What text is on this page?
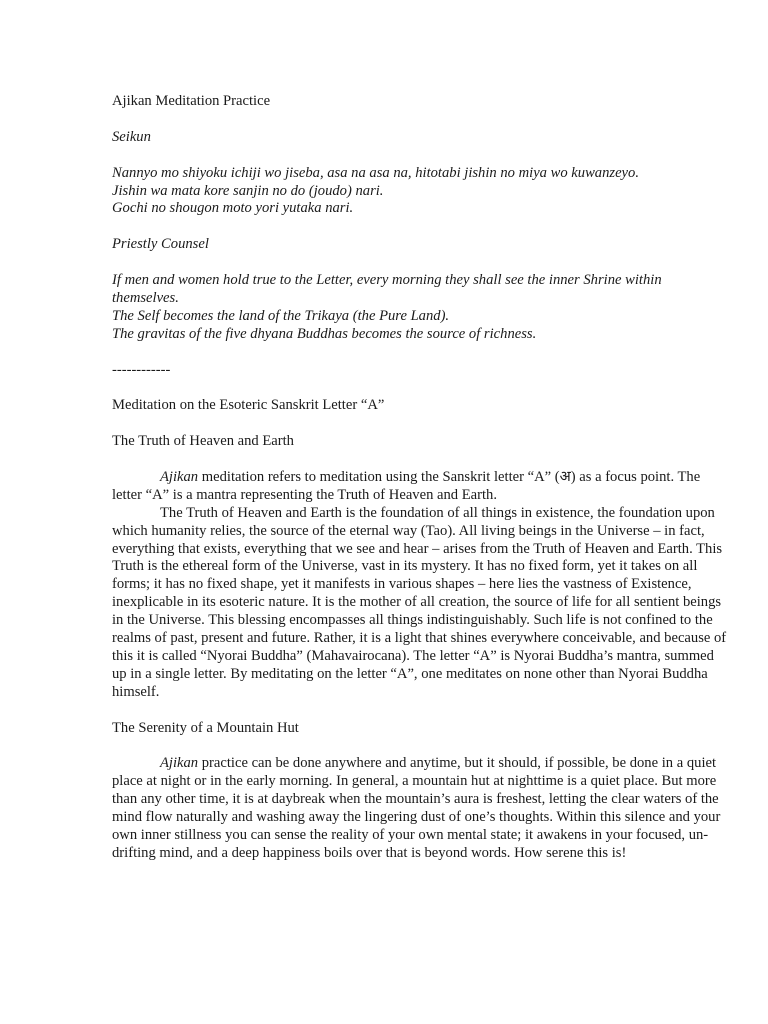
Ajikan Meditation Practice

Seikun

Nannyo mo shiyoku ichiji wo jiseba, asa na asa na, hitotabi jishin no miya wo kuwanzeyo.
Jishin wa mata kore sanjin no do (joudo) nari.
Gochi no shougon moto yori yutaka nari.

Priestly Counsel

If men and women hold true to the Letter, every morning they shall see the inner Shrine within themselves.
The Self becomes the land of the Trikaya (the Pure Land).
The gravitas of the five dhyana Buddhas becomes the source of richness.

------------

Meditation on the Esoteric Sanskrit Letter “A”

The Truth of Heaven and Earth

Ajikan meditation refers to meditation using the Sanskrit letter “A” (अ) as a focus point. The letter “A” is a mantra representing the Truth of Heaven and Earth.

The Truth of Heaven and Earth is the foundation of all things in existence, the foundation upon which humanity relies, the source of the eternal way (Tao). All living beings in the Universe – in fact, everything that exists, everything that we see and hear – arises from the Truth of Heaven and Earth. This Truth is the ethereal form of the Universe, vast in its mystery. It has no fixed form, yet it takes on all forms; it has no fixed shape, yet it manifests in various shapes – here lies the vastness of Existence, inexplicable in its esoteric nature. It is the mother of all creation, the source of life for all sentient beings in the Universe. This blessing encompasses all things indistinguishably. Such life is not confined to the realms of past, present and future. Rather, it is a light that shines everywhere conceivable, and because of this it is called “Nyorai Buddha” (Mahavairocana). The letter “A” is Nyorai Buddha’s mantra, summed up in a single letter. By meditating on the letter “A”, one meditates on none other than Nyorai Buddha himself.

The Serenity of a Mountain Hut

Ajikan practice can be done anywhere and anytime, but it should, if possible, be done in a quiet place at night or in the early morning. In general, a mountain hut at nighttime is a quiet place. But more than any other time, it is at daybreak when the mountain’s aura is freshest, letting the clear waters of the mind flow naturally and washing away the lingering dust of one’s thoughts. Within this silence and your own inner stillness you can sense the reality of your own mental state; it awakens in your focused, un-drifting mind, and a deep happiness boils over that is beyond words. How serene this is!
